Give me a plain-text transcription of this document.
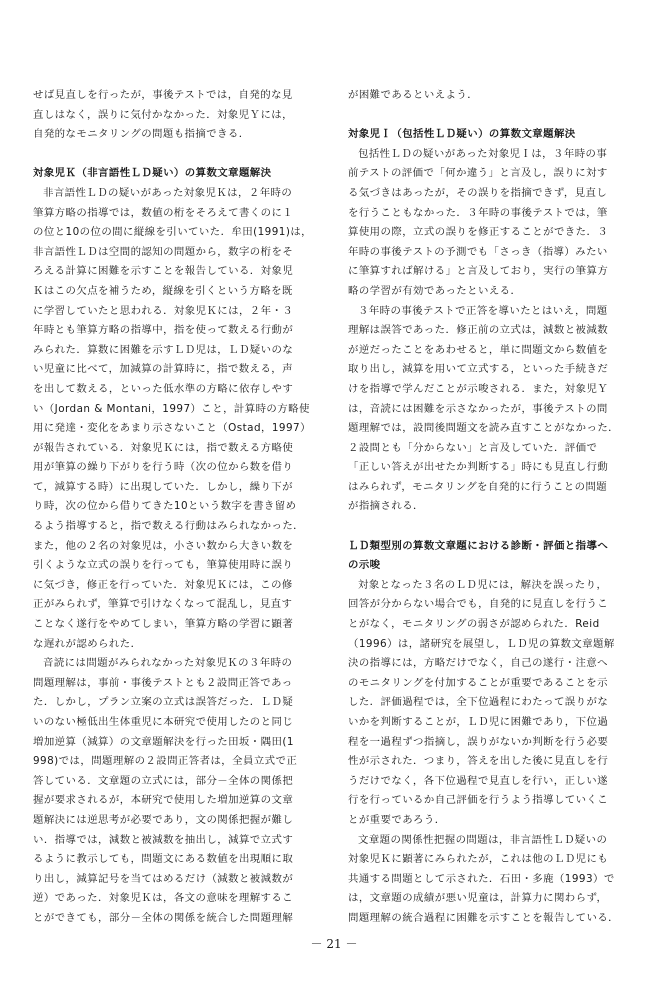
せば見直しを行ったが，事後テストでは，自発的な見

直しはなく，誤りに気付かなかった．対象児Ｙには，

自発的なモニタリングの問題も指摘できる．

対象児Ｋ（非言語性ＬＤ疑い）の算数文章題解決

非言語性ＬＤの疑いがあった対象児Ｋは，２年時の

筆算方略の指導では，数値の桁をそろえて書くのに１

の位と10の位の間に縦線を引いていた．牟田(1991)は，

非言語性ＬＤは空間的認知の問題から，数字の桁をそ

ろえる計算に困難を示すことを報告している．対象児

Ｋはこの欠点を補うため，縦線を引くという方略を既

に学習していたと思われる．対象児Ｋには，２年・３

年時とも筆算方略の指導中，指を使って数える行動が

みられた．算数に困難を示すＬＤ児は，ＬＤ疑いのな

い児童に比べて，加減算の計算時に，指で数える，声

を出して数える，といった低水準の方略に依存しやす

い（Jordan & Montani，1997）こと，計算時の方略使

用に発達・変化をあまり示さないこと（Ostad，1997）

が報告されている．対象児Ｋには，指で数える方略使

用が筆算の繰り下がりを行う時（次の位から数を借り

て，減算する時）に出現していた．しかし，繰り下が

り時，次の位から借りてきた10という数字を書き留め

るよう指導すると，指で数える行動はみられなかった．

また，他の２名の対象児は，小さい数から大きい数を

引くような立式の誤りを行っても，筆算使用時に誤り

に気づき，修正を行っていた．対象児Ｋには，この修

正がみられず，筆算で引けなくなって混乱し，見直す

ことなく遂行をやめてしまい，筆算方略の学習に顕著

な遅れが認められた．

音読には問題がみられなかった対象児Ｋの３年時の

問題理解は，事前・事後テストとも２設問正答であっ

た．しかし，プラン立案の立式は誤答だった．ＬＤ疑

いのない極低出生体重児に本研究で使用したのと同じ

増加逆算（減算）の文章題解決を行った田坂・隅田(1

998)では，問題理解の２設問正答者は，全員立式で正

答している．文章題の立式には，部分－全体の関係把

握が要求されるが，本研究で使用した増加逆算の文章

題解決には逆思考が必要であり，文の関係把握が難し

い．指導では，減数と被減数を抽出し，減算で立式す

るように教示しても，問題文にある数値を出現順に取

り出し，減算記号を当てはめるだけ（減数と被減数が

逆）であった．対象児Ｋは，各文の意味を理解するこ

とができても，部分－全体の関係を統合した問題理解

が困難であるといえよう．

対象児Ｉ（包括性ＬＤ疑い）の算数文章題解決

包括性ＬＤの疑いがあった対象児Ｉは，３年時の事

前テストの評価で「何か違う」と言及し，誤りに対す

る気づきはあったが，その誤りを指摘できず，見直し

を行うこともなかった．３年時の事後テストでは，筆

算使用の際，立式の誤りを修正することができた．３

年時の事後テストの予測でも「さっき（指導）みたい

に筆算すれば解ける」と言及しており，実行の筆算方

略の学習が有効であったといえる．

３年時の事後テストで正答を導いたとはいえ，問題

理解は誤答であった．修正前の立式は，減数と被減数

が逆だったことをあわせると，単に問題文から数値を

取り出し，減算を用いて立式する，といった手続きだ

けを指導で学んだことが示唆される．また，対象児Ｙ

は，音読には困難を示さなかったが，事後テストの問

題理解では，設問後問題文を読み直すことがなかった．

２設問とも「分からない」と言及していた．評価で

「正しい答えが出せたか判断する」時にも見直し行動

はみられず，モニタリングを自発的に行うことの問題

が指摘される．

ＬＤ類型別の算数文章題における診断・評価と指導へ

の示唆

対象となった３名のＬＤ児には，解決を誤ったり，

回答が分からない場合でも，自発的に見直しを行うこ

とがなく，モニタリングの弱さが認められた．Reid

（1996）は，諸研究を展望し，ＬＤ児の算数文章題解

決の指導には，方略だけでなく，自己の遂行・注意へ

のモニタリングを付加することが重要であることを示

した．評価過程では，全下位過程にわたって誤りがな

いかを判断することが，ＬＤ児に困難であり，下位過

程を一過程ずつ指摘し，誤りがないか判断を行う必要

性が示された．つまり，答えを出した後に見直しを行

うだけでなく，各下位過程で見直しを行い，正しい遂

行を行っているか自己評価を行うよう指導していくこ

とが重要であろう．

文章題の関係性把握の問題は，非言語性ＬＤ疑いの

対象児Ｋに顕著にみられたが，これは他のＬＤ児にも

共通する問題として示された．石田・多鹿（1993）で

は，文章題の成績が悪い児童は，計算力に関わらず，

問題理解の統合過程に困難を示すことを報告している．

－ 21 －
